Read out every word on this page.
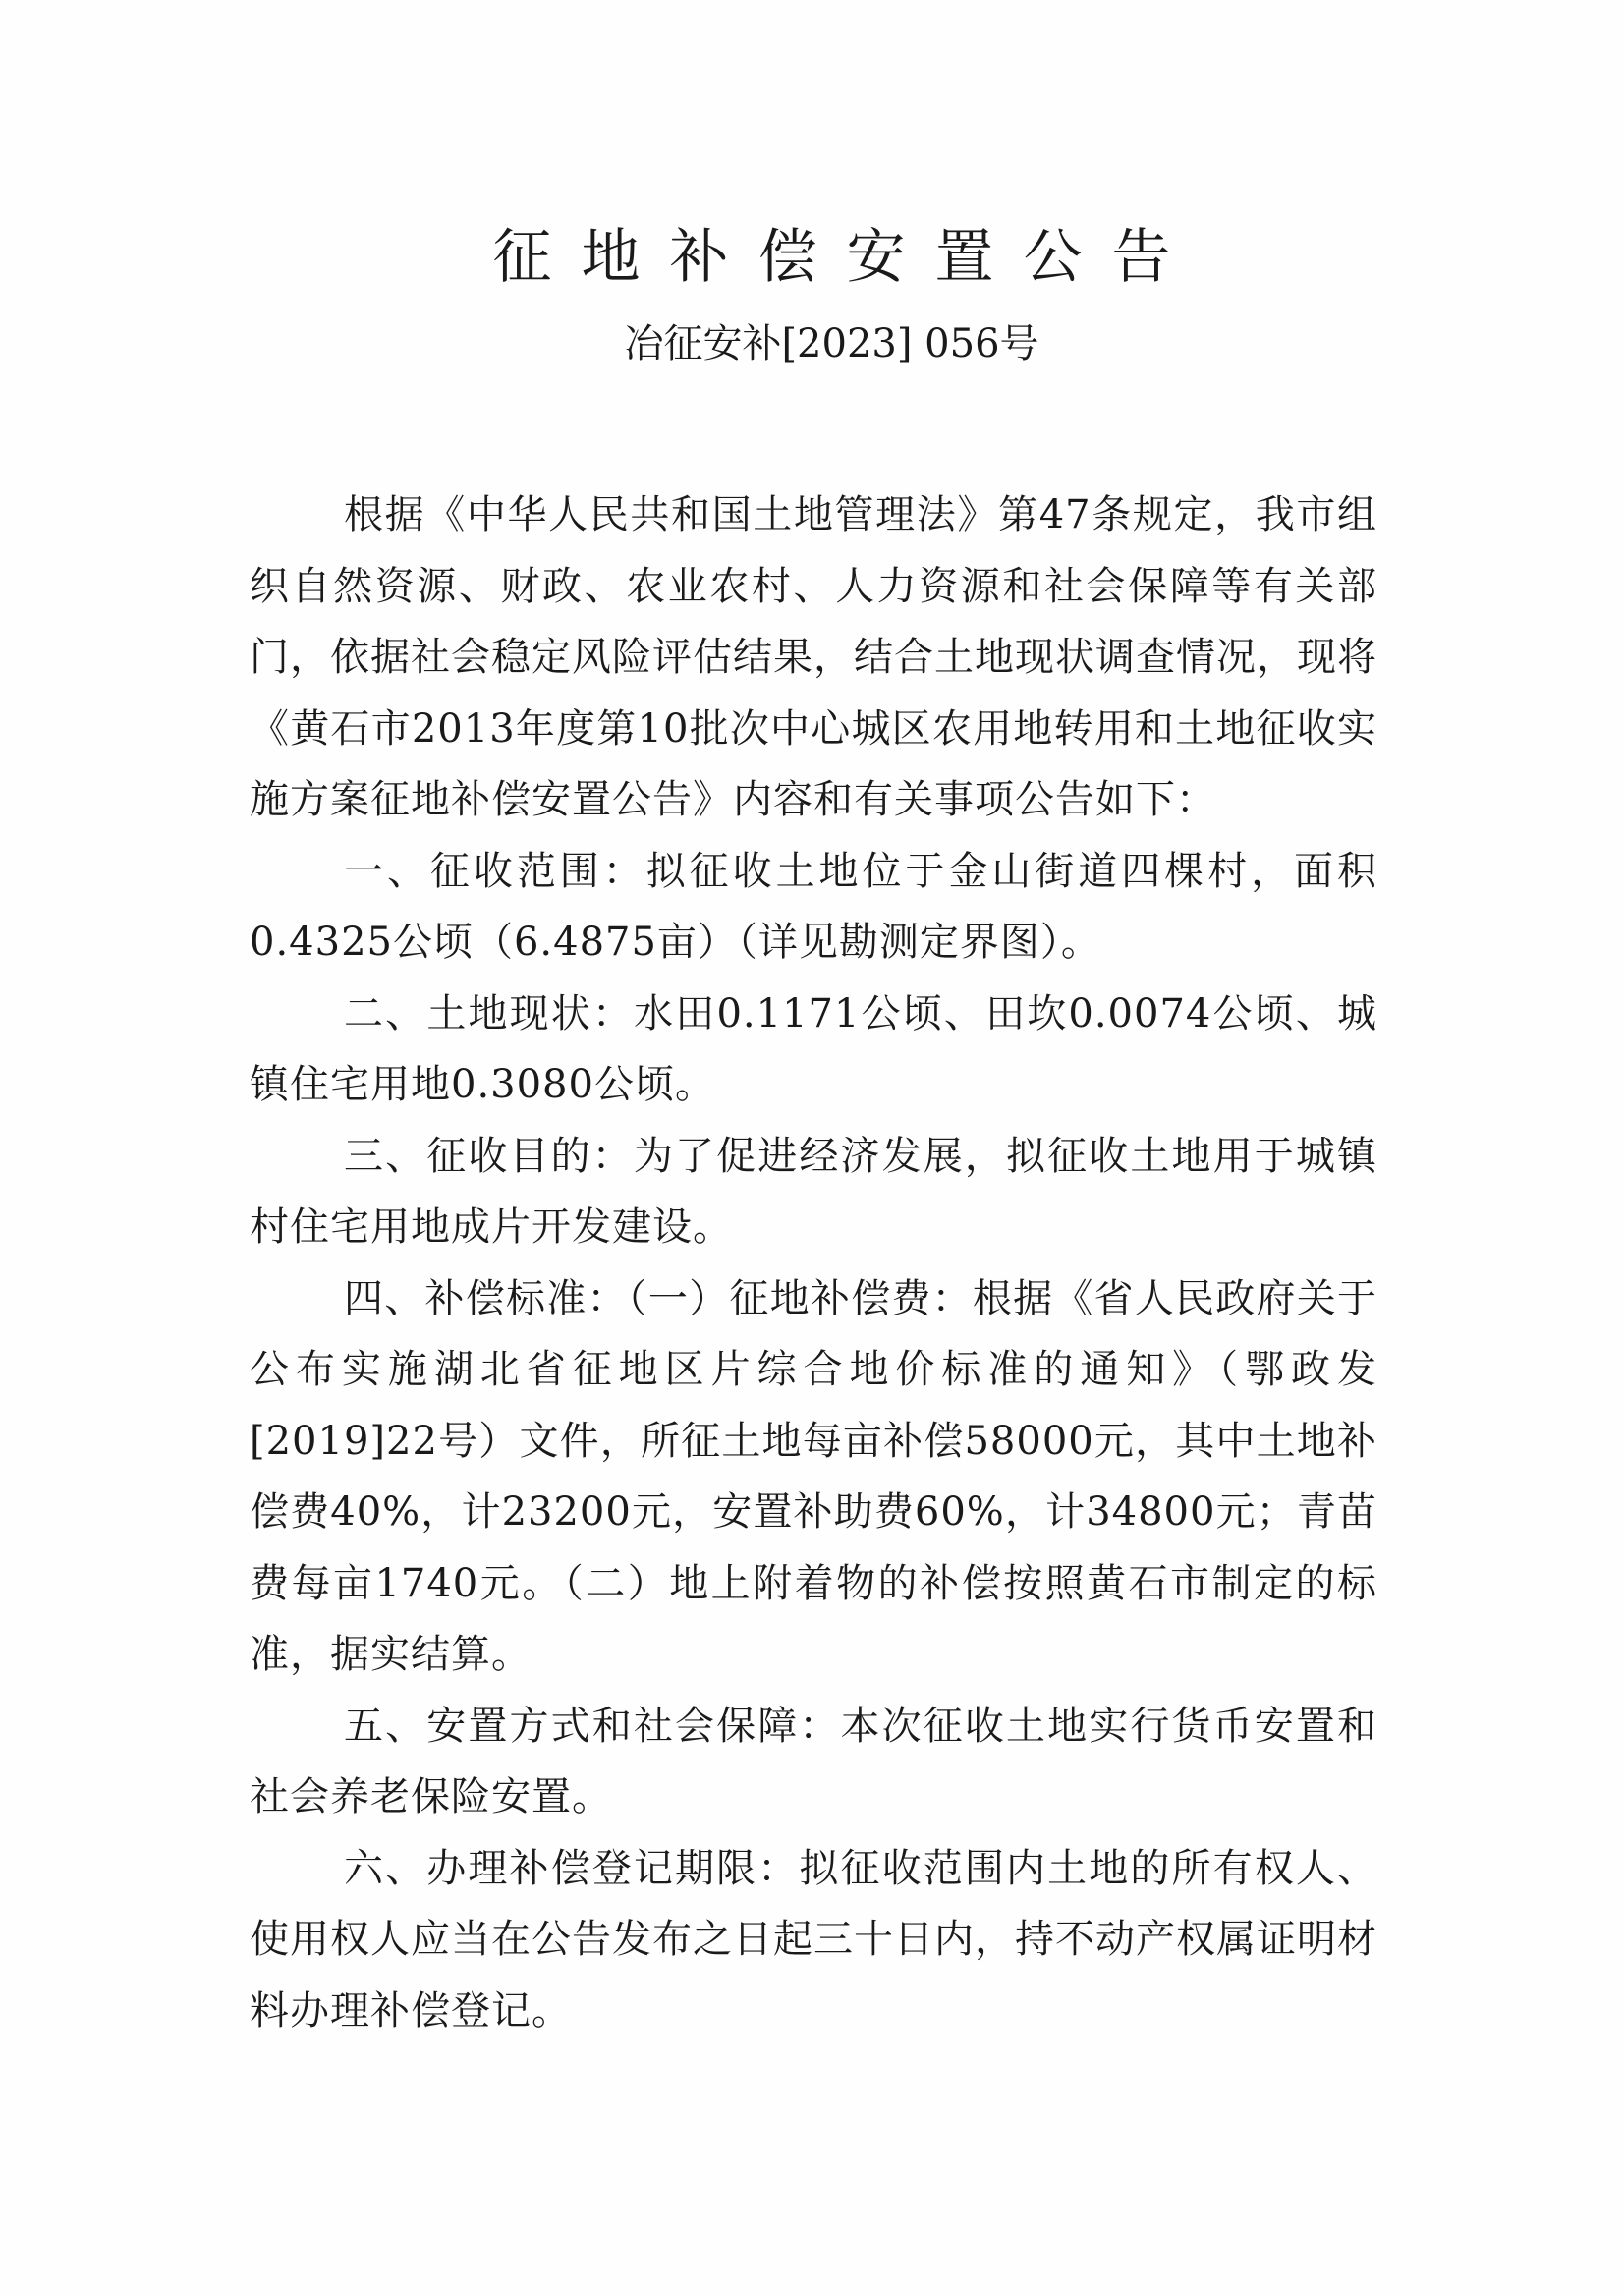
征地补偿安置公告
冶征安补[2023] 056号

根据《中华人民共和国土地管理法》第47条规定，我市组织自然资源、财政、农业农村、人力资源和社会保障等有关部门，依据社会稳定风险评估结果，结合土地现状调查情况，现将《黄石市2013年度第10批次中心城区农用地转用和土地征收实施方案征地补偿安置公告》内容和有关事项公告如下：

一、征收范围：拟征收土地位于金山街道四棵村，面积0.4325公顷（6.4875亩）（详见勘测定界图）。

二、土地现状：水田0.1171公顷、田坎0.0074公顷、城镇住宅用地0.3080公顷。

三、征收目的：为了促进经济发展，拟征收土地用于城镇村住宅用地成片开发建设。

四、补偿标准：（一）征地补偿费：根据《省人民政府关于公布实施湖北省征地区片综合地价标准的通知》（鄂政发[2019]22号）文件，所征土地每亩补偿58000元，其中土地补偿费40%，计23200元，安置补助费60%，计34800元；青苗费每亩1740元。（二）地上附着物的补偿按照黄石市制定的标准，据实结算。

五、安置方式和社会保障：本次征收土地实行货币安置和社会养老保险安置。

六、办理补偿登记期限：拟征收范围内土地的所有权人、使用权人应当在公告发布之日起三十日内，持不动产权属证明材料办理补偿登记。
